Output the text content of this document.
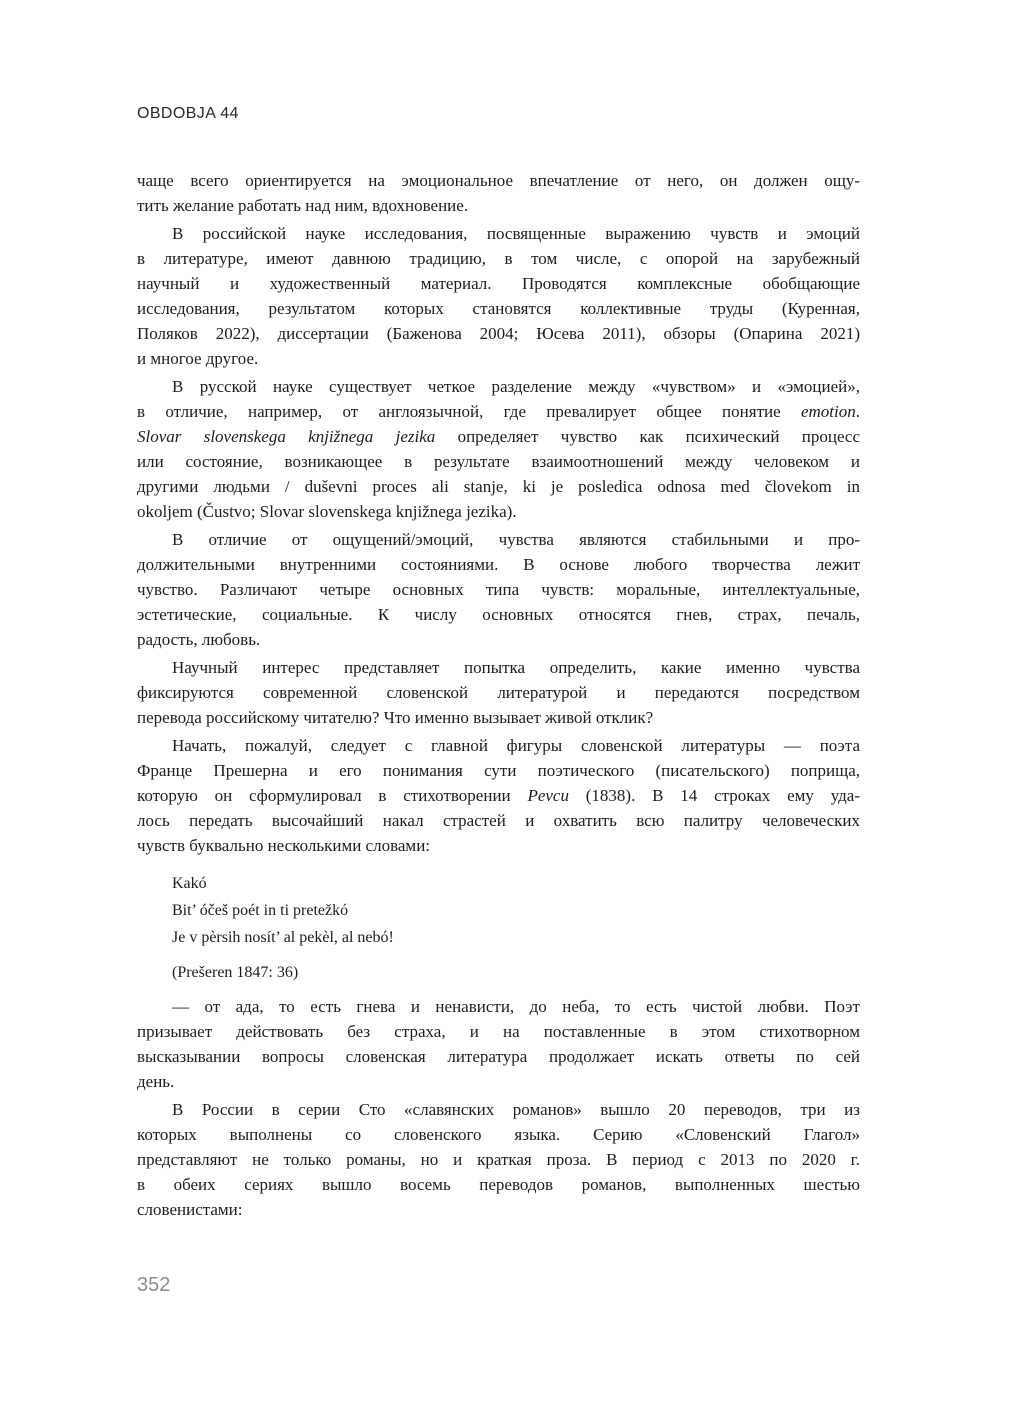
OBDOBJA 44
чаще всего ориентируется на эмоциональное впечатление от него, он должен ощу-
тить желание работать над ним, вдохновение.
В российской науке исследования, посвященные выражению чувств и эмоций
в литературе, имеют давнюю традицию, в том числе, с опорой на зарубежный
научный и художественный материал. Проводятся комплексные обобщающие
исследования, результатом которых становятся коллективные труды (Куренная,
Поляков 2022), диссертации (Баженова 2004; Юсева 2011), обзоры (Опарина 2021)
и многое другое.
В русской науке существует четкое разделение между «чувством» и «эмоцией»,
в отличие, например, от англоязычной, где превалирует общее понятие emotion.
Slovar slovenskega knjižnega jezika определяет чувство как психический процесс
или состояние, возникающее в результате взаимоотношений между человеком и
другими людьми / duševni proces ali stanje, ki je posledica odnosa med človekom in
okoljem (Čustvo; Slovar slovenskega knjižnega jezika).
В отличие от ощущений/эмоций, чувства являются стабильными и про-
должительными внутренними состояниями. В основе любого творчества лежит
чувство. Различают четыре основных типа чувств: моральные, интеллектуальные,
эстетические, социальные. К числу основных относятся гнев, страх, печаль,
радость, любовь.
Научный интерес представляет попытка определить, какие именно чувства
фиксируются современной словенской литературой и передаются посредством
перевода российскому читателю? Что именно вызывает живой отклик?
Начать, пожалуй, следует с главной фигуры словенской литературы — поэта
Франце Прешерна и его понимания сути поэтического (писательского) поприща,
которую он сформулировал в стихотворении Pevcu (1838). В 14 строках ему уда-
лось передать высочайший накал страстей и охватить всю палитру человеческих
чувств буквально несколькими словами:
Kakó
Bit’ óčeš poét in ti pretežkó
Je v pèrsih nosít’ al pekèl, al nebó!
(Prešeren 1847: 36)
— от ада, то есть гнева и ненависти, до неба, то есть чистой любви. Поэт
призывает действовать без страха, и на поставленные в этом стихотворном
высказывании вопросы словенская литература продолжает искать ответы по сей
день.
В России в серии Сто «славянских романов» вышло 20 переводов, три из
которых выполнены со словенского языка. Серию «Словенский Глагол»
представляют не только романы, но и краткая проза. В период с 2013 по 2020 г.
в обеих сериях вышло восемь переводов романов, выполненных шестью
словенистами:
352
